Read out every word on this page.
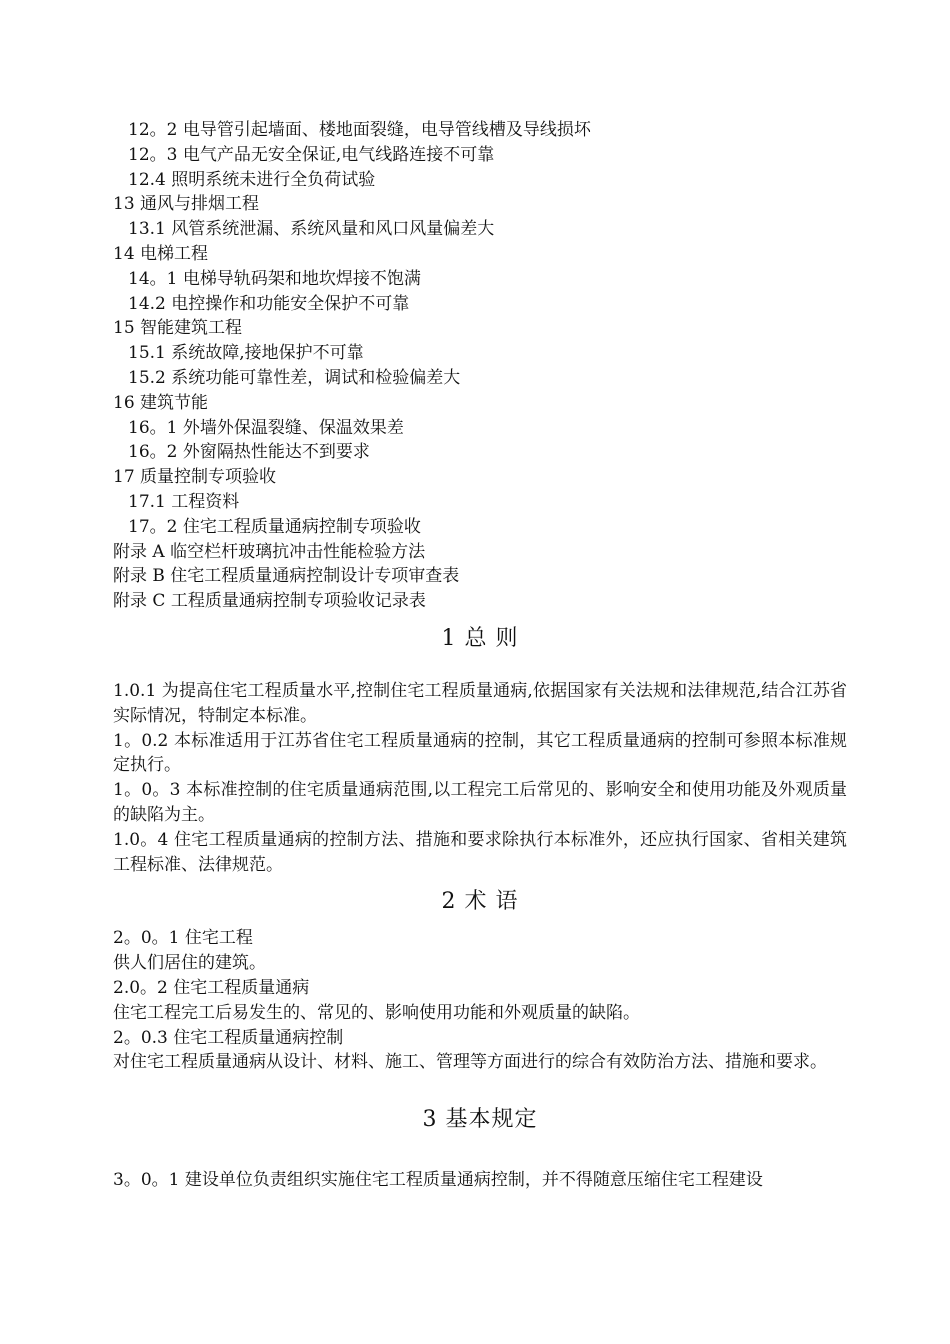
12。2 电导管引起墙面、楼地面裂缝，电导管线槽及导线损坏
12。3 电气产品无安全保证,电气线路连接不可靠
12.4 照明系统未进行全负荷试验
13 通风与排烟工程
13.1 风管系统泄漏、系统风量和风口风量偏差大
14 电梯工程
14。1 电梯导轨码架和地坎焊接不饱满
14.2 电控操作和功能安全保护不可靠
15 智能建筑工程
15.1 系统故障,接地保护不可靠
15.2 系统功能可靠性差，调试和检验偏差大
16 建筑节能
16。1 外墙外保温裂缝、保温效果差
16。2 外窗隔热性能达不到要求
17 质量控制专项验收
17.1 工程资料
17。2 住宅工程质量通病控制专项验收
附录 A 临空栏杆玻璃抗冲击性能检验方法
附录 B 住宅工程质量通病控制设计专项审查表
附录 C 工程质量通病控制专项验收记录表
1 总 则

1.0.1 为提高住宅工程质量水平,控制住宅工程质量通病,依据国家有关法规和法律规范,结合江苏省实际情况，特制定本标准。

1。0.2 本标准适用于江苏省住宅工程质量通病的控制，其它工程质量通病的控制可参照本标准规定执行。

1。0。3 本标准控制的住宅质量通病范围,以工程完工后常见的、影响安全和使用功能及外观质量的缺陷为主。

1.0。4 住宅工程质量通病的控制方法、措施和要求除执行本标准外，还应执行国家、省相关建筑工程标准、法律规范。

2 术 语

2。0。1 住宅工程

供人们居住的建筑。

2.0。2 住宅工程质量通病

住宅工程完工后易发生的、常见的、影响使用功能和外观质量的缺陷。

2。0.3 住宅工程质量通病控制

对住宅工程质量通病从设计、材料、施工、管理等方面进行的综合有效防治方法、措施和要求。

3 基本规定

3。0。1 建设单位负责组织实施住宅工程质量通病控制，并不得随意压缩住宅工程建设
